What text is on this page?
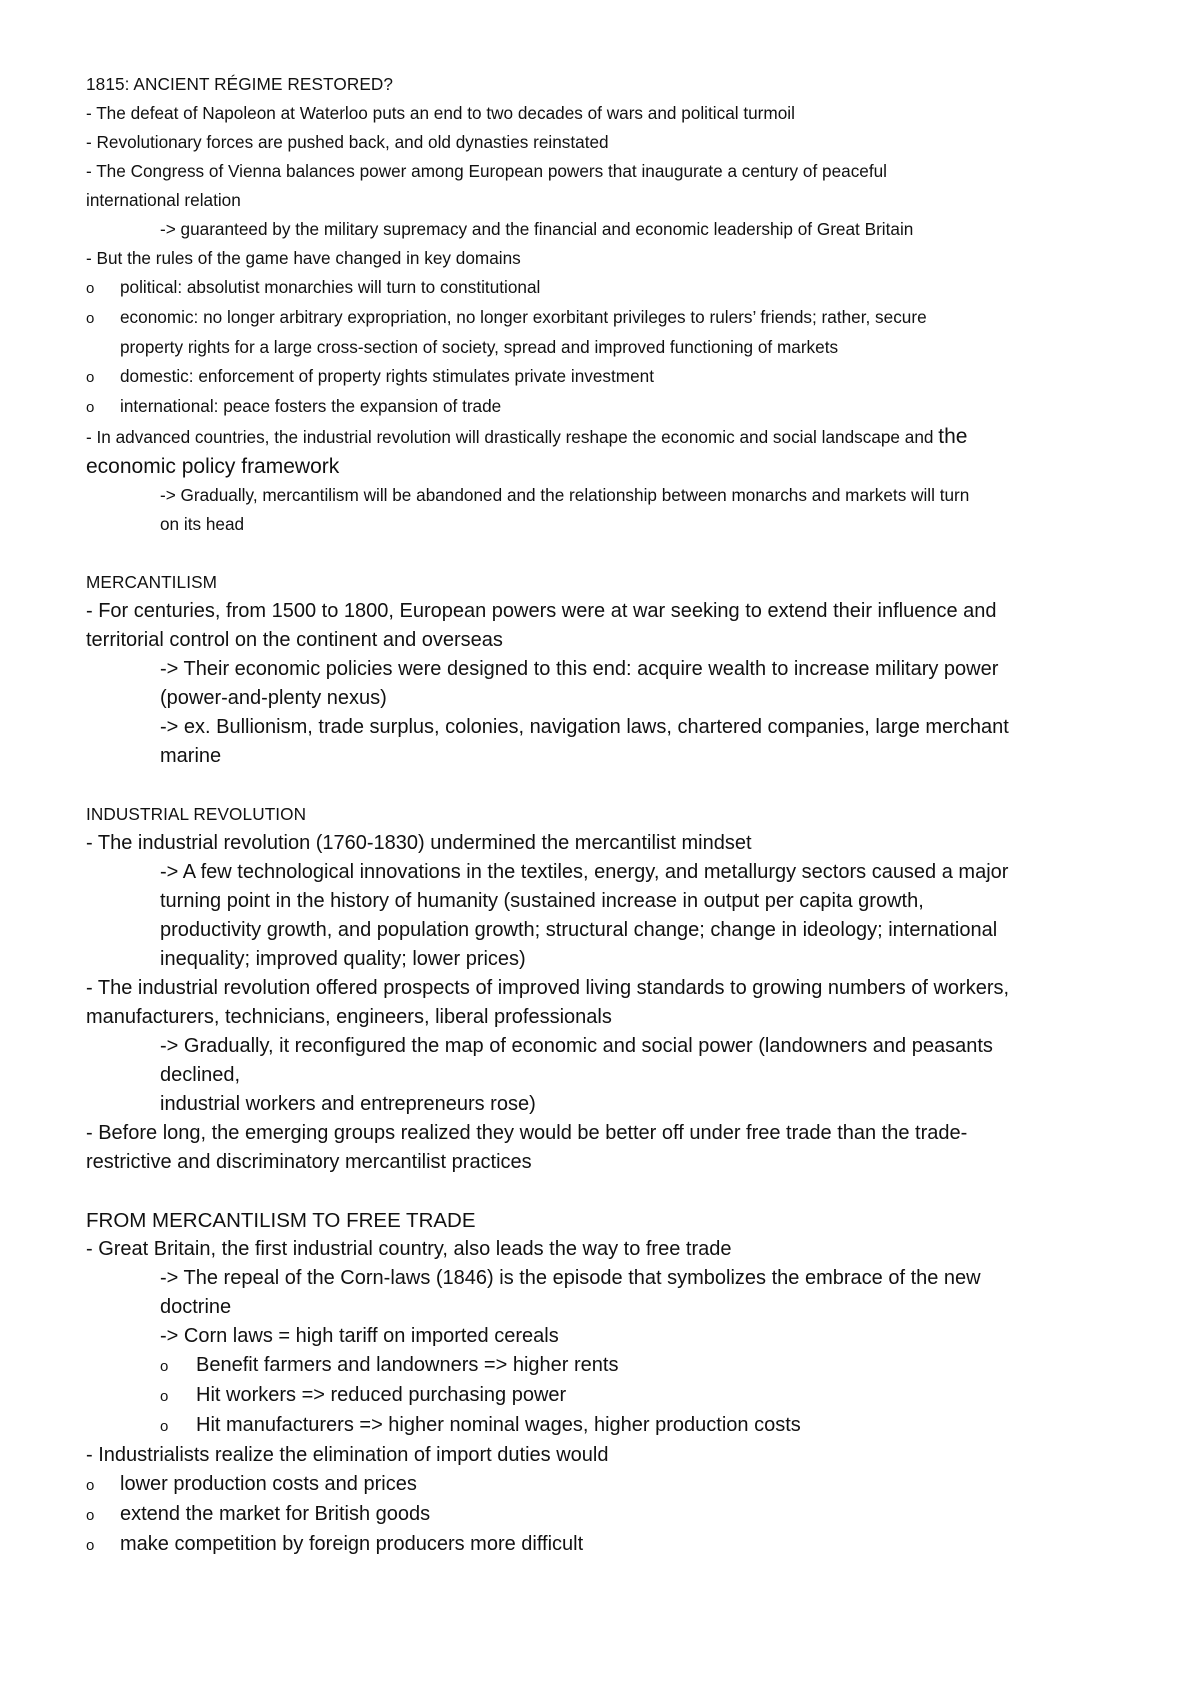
1815: ANCIENT RÉGIME RESTORED?
- The defeat of Napoleon at Waterloo puts an end to two decades of wars and political turmoil
- Revolutionary forces are pushed back, and old dynasties reinstated
- The Congress of Vienna balances power among European powers that inaugurate a century of peaceful
international relation
-> guaranteed by the military supremacy and the financial and economic leadership of Great Britain
- But the rules of the game have changed in key domains
o	political: absolutist monarchies will turn to constitutional
o	economic: no longer arbitrary expropriation, no longer exorbitant privileges to rulers’ friends; rather, secure
property rights for a large cross-section of society, spread and improved functioning of markets
o	domestic: enforcement of property rights stimulates private investment
o	international: peace fosters the expansion of trade
- In advanced countries, the industrial revolution will drastically reshape the economic and social landscape and the
economic policy framework
-> Gradually, mercantilism will be abandoned and the relationship between monarchs and markets will turn
on its head
MERCANTILISM
- For centuries, from 1500 to 1800, European powers were at war seeking to extend their influence and
territorial control on the continent and overseas
-> Their economic policies were designed to this end: acquire wealth to increase military power
(power-and-plenty nexus)
-> ex. Bullionism, trade surplus, colonies, navigation laws, chartered companies, large merchant
marine
INDUSTRIAL REVOLUTION
- The industrial revolution (1760-1830) undermined the mercantilist mindset
-> A few technological innovations in the textiles, energy, and metallurgy sectors caused a major
turning point in the history of humanity (sustained increase in output per capita growth,
productivity growth, and population growth; structural change; change in ideology; international
inequality; improved quality; lower prices)
- The industrial revolution offered prospects of improved living standards to growing numbers of workers,
manufacturers, technicians, engineers, liberal professionals
-> Gradually, it reconfigured the map of economic and social power (landowners and peasants
declined,
industrial workers and entrepreneurs rose)
- Before long, the emerging groups realized they would be better off under free trade than the trade-
restrictive and discriminatory mercantilist practices
FROM MERCANTILISM TO FREE TRADE
- Great Britain, the first industrial country, also leads the way to free trade
-> The repeal of the Corn-laws (1846) is the episode that symbolizes the embrace of the new
doctrine
-> Corn laws = high tariff on imported cereals
o	Benefit farmers and landowners => higher rents
o	Hit workers => reduced purchasing power
o	Hit manufacturers => higher nominal wages, higher production costs
- Industrialists realize the elimination of import duties would
o	lower production costs and prices
o	extend the market for British goods
o	make competition by foreign producers more difficult
